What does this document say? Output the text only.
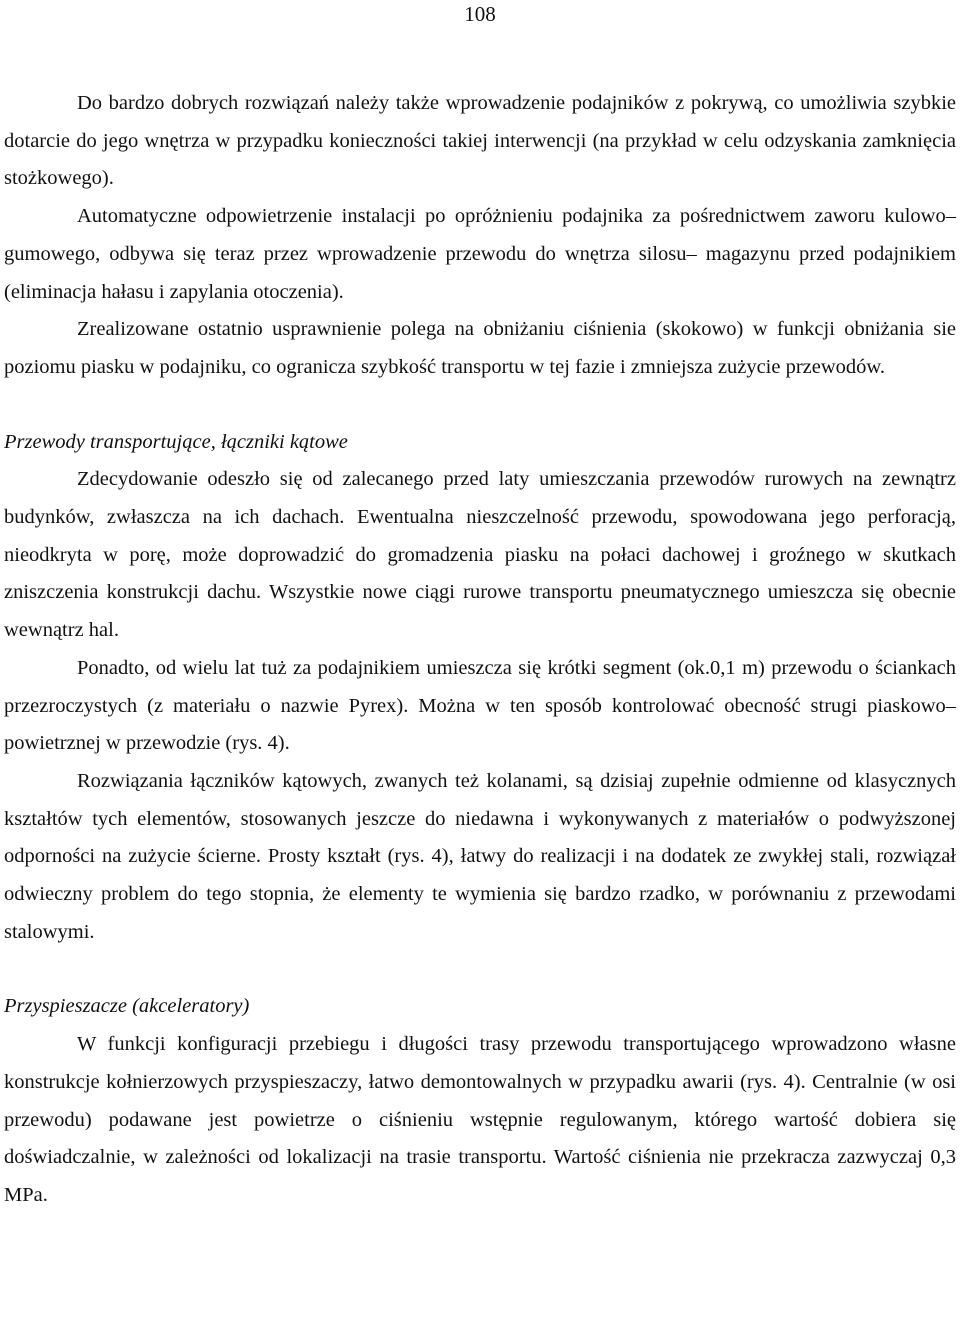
108

Do bardzo dobrych rozwiązań należy także wprowadzenie podajników z pokrywą, co umożliwia szybkie dotarcie do jego wnętrza w przypadku konieczności takiej interwencji (na przykład w celu odzyskania zamknięcia stożkowego).

Automatyczne odpowietrzenie instalacji po opróżnieniu podajnika za pośrednictwem zaworu kulowo–gumowego, odbywa się teraz przez wprowadzenie przewodu do wnętrza silosu– magazynu przed podajnikiem (eliminacja hałasu i zapylania otoczenia).

Zrealizowane ostatnio usprawnienie polega na obniżaniu ciśnienia (skokowo) w funkcji obniżania sie poziomu piasku w podajniku, co ogranicza szybkość transportu w tej fazie i zmniejsza zużycie przewodów.

Przewody transportujące, łączniki kątowe

Zdecydowanie odeszło się od zalecanego przed laty umieszczania przewodów rurowych na zewnątrz budynków, zwłaszcza na ich dachach. Ewentualna nieszczelność przewodu, spowodowana jego perforacją, nieodkryta w porę, może doprowadzić do gromadzenia piasku na połaci dachowej i groźnego w skutkach zniszczenia konstrukcji dachu. Wszystkie nowe ciągi rurowe transportu pneumatycznego umieszcza się obecnie wewnątrz hal.

Ponadto, od wielu lat tuż za podajnikiem umieszcza się krótki segment (ok.0,1 m) przewodu o ściankach przezroczystych (z materiału o nazwie Pyrex). Można w ten sposób kontrolować obecność strugi piaskowo–powietrznej w przewodzie (rys. 4).

Rozwiązania łączników kątowych, zwanych też kolanami, są dzisiaj zupełnie odmienne od klasycznych kształtów tych elementów, stosowanych jeszcze do niedawna i wykonywanych z materiałów o podwyższonej odporności na zużycie ścierne. Prosty kształt (rys. 4), łatwy do realizacji i na dodatek ze zwykłej stali, rozwiązał odwieczny problem do tego stopnia, że elementy te wymienia się bardzo rzadko, w porównaniu z przewodami stalowymi.

Przyspieszacze (akceleratory)

W funkcji konfiguracji przebiegu i długości trasy przewodu transportującego wprowadzono własne konstrukcje kołnierzowych przyspieszaczy, łatwo demontowalnych w przypadku awarii (rys. 4). Centralnie (w osi przewodu) podawane jest powietrze o ciśnieniu wstępnie regulowanym, którego wartość dobiera się doświadczalnie, w zależności od lokalizacji na trasie transportu. Wartość ciśnienia nie przekracza zazwyczaj 0,3 MPa.
